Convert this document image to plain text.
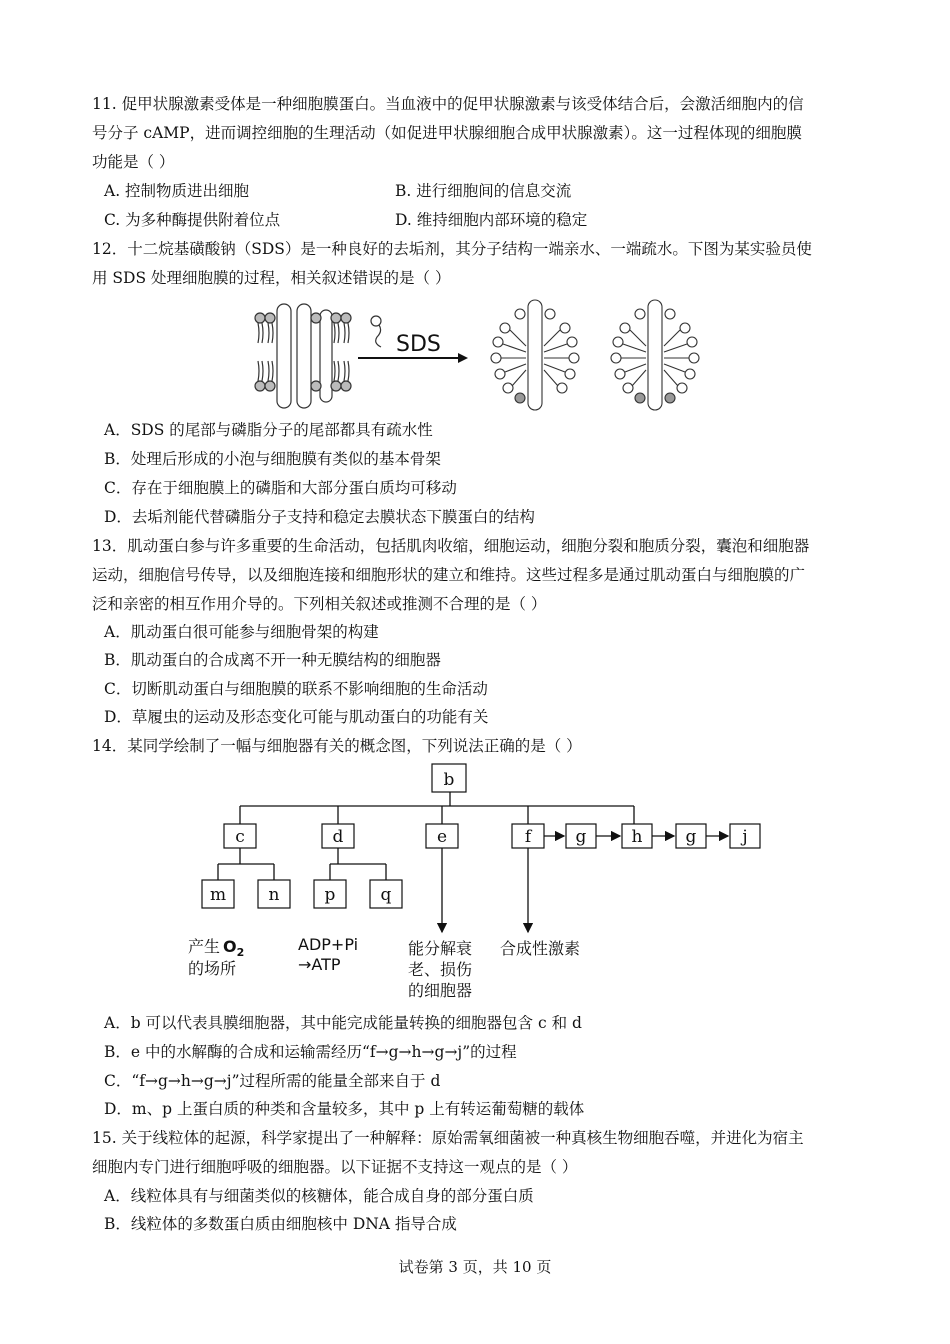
11. 促甲状腺激素受体是一种细胞膜蛋白。当血液中的促甲状腺激素与该受体结合后，会激活细胞内的信
号分子 cAMP，进而调控细胞的生理活动（如促进甲状腺细胞合成甲状腺激素）。这一过程体现的细胞膜
功能是（ ）
A. 控制物质进出细胞	B. 进行细胞间的信息交流
C. 为多种酶提供附着位点	D. 维持细胞内部环境的稳定
12．十二烷基磺酸钠（SDS）是一种良好的去垢剂，其分子结构一端亲水、一端疏水。下图为某实验员使
用 SDS 处理细胞膜的过程，相关叙述错误的是（ ）
SDS
A．SDS 的尾部与磷脂分子的尾部都具有疏水性
B．处理后形成的小泡与细胞膜有类似的基本骨架
C．存在于细胞膜上的磷脂和大部分蛋白质均可移动
D．去垢剂能代替磷脂分子支持和稳定去膜状态下膜蛋白的结构
13．肌动蛋白参与许多重要的生命活动，包括肌肉收缩，细胞运动，细胞分裂和胞质分裂，囊泡和细胞器
运动，细胞信号传导，以及细胞连接和细胞形状的建立和维持。这些过程多是通过肌动蛋白与细胞膜的广
泛和亲密的相互作用介导的。下列相关叙述或推测不合理的是（ ）
A．肌动蛋白很可能参与细胞骨架的构建
B．肌动蛋白的合成离不开一种无膜结构的细胞器
C．切断肌动蛋白与细胞膜的联系不影响细胞的生命活动
D．草履虫的运动及形态变化可能与肌动蛋白的功能有关
14．某同学绘制了一幅与细胞器有关的概念图，下列说法正确的是（ ）
b
c	d	e	f	g	h	g	j
m n	p	q
产生 $O_2$
的场所
ADP+Pi
→ATP
能分解衰
老、损伤
的细胞器
合成性激素
A．b 可以代表具膜细胞器，其中能完成能量转换的细胞器包含 c 和 d
B．e 中的水解酶的合成和运输需经历“f→g→h→g→j”的过程
C．“f→g→h→g→j”过程所需的能量全部来自于 d
D．m、p 上蛋白质的种类和含量较多，其中 p 上有转运葡萄糖的载体
15. 关于线粒体的起源，科学家提出了一种解释：原始需氧细菌被一种真核生物细胞吞噬，并进化为宿主
细胞内专门进行细胞呼吸的细胞器。以下证据不支持这一观点的是（ ）
A．线粒体具有与细菌类似的核糖体，能合成自身的部分蛋白质
B．线粒体的多数蛋白质由细胞核中 DNA 指导合成
试卷第 3 页，共 10 页
